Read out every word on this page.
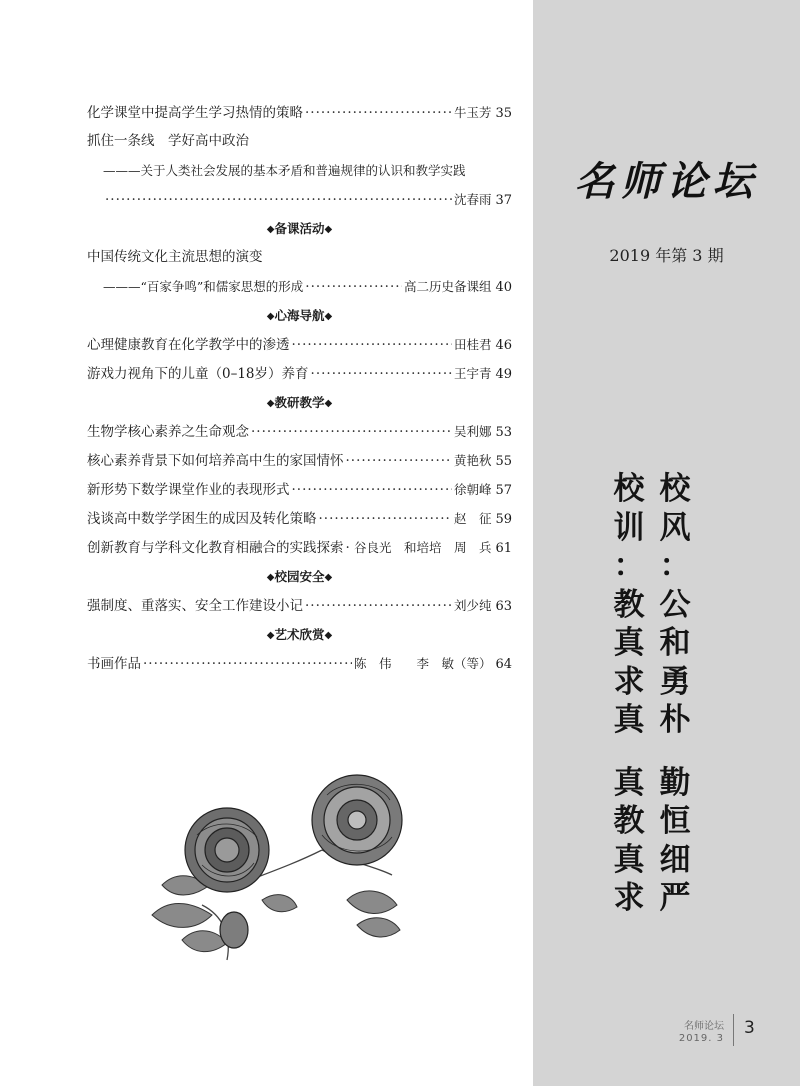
化学课堂中提高学生学习热情的策略 ·····	牛玉芳 35
抓住一条线　学好高中政治
———关于人类社会发展的基本矛盾和普遍规律的认识和教学实践
·····
沈春雨 37
◆备课活动◆
中国传统文化主流思想的演变
———“百家争鸣”和儒家思想的形成 ·····	高二历史备课组 40
◆心海导航◆
心理健康教育在化学教学中的渗透 ·····	田桂君 46
游戏力视角下的儿童（0–18岁）养育 ·····	王宇青 49
◆教研教学◆
生物学核心素养之生命观念 ·····	吴利娜 53
核心素养背景下如何培养高中生的家国情怀 ·····	黄艳秋 55
新形势下数学课堂作业的表现形式 ·····	徐朝峰 57
浅谈高中数学学困生的成因及转化策略 ·····	赵　征 59
创新教育与学科文化教育相融合的实践探索 ····· 谷良光　和培培　周　兵 61
◆校园安全◆
强制度、重落实、安全工作建设小记 ·····	刘少纯 63
◆艺术欣赏◆
书画作品 ·····	陈　伟　　李　敏（等） 64
名师论坛
2019 年第 3 期
校
风
：
公
和
勇
朴
勤
恒
细
严
校
训
：
教
真
求
真
真
教
真
求
名师论坛
2019. 3
3
